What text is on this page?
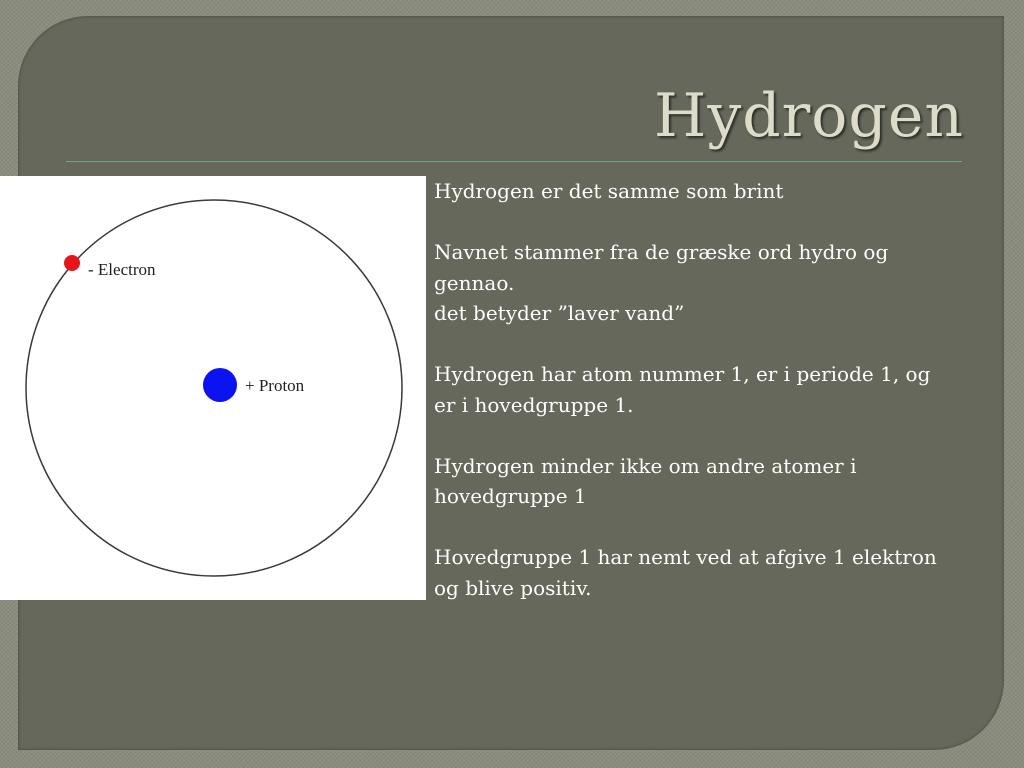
Hydrogen
- Electron
+ Proton

Hydrogen er det samme som brint

Navnet stammer fra de græske ord hydro og
gennao.
det betyder ”laver vand”

Hydrogen har atom nummer 1, er i periode 1, og
er i hovedgruppe 1.

Hydrogen minder ikke om andre atomer i
hovedgruppe 1

Hovedgruppe 1 har nemt ved at afgive 1 elektron
og blive positiv.
